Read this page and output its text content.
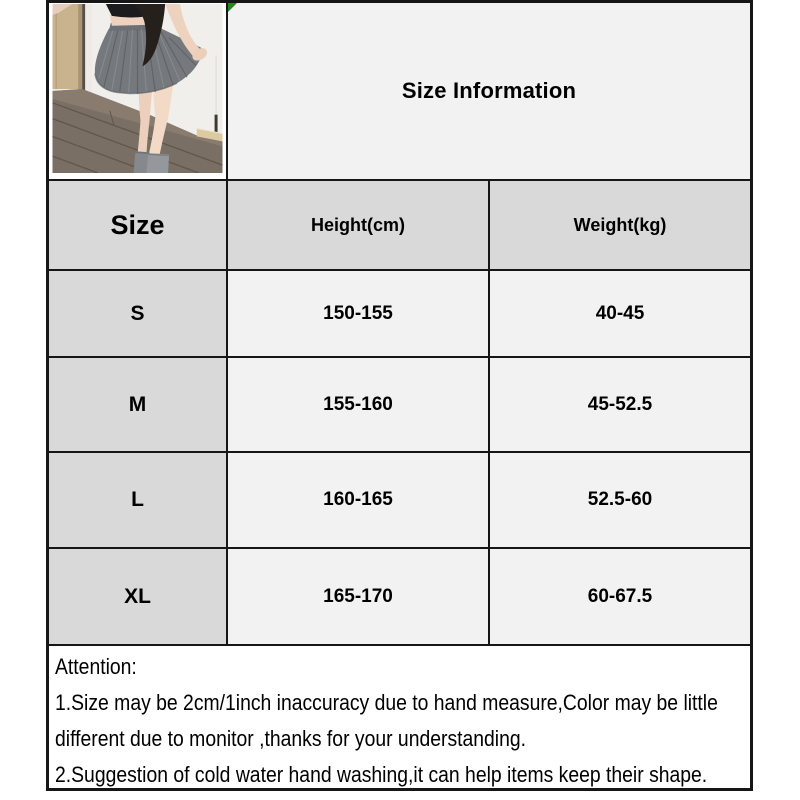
Size Information
Size	Height(cm)	Weight(kg)
S	150-155	40-45
M	155-160	45-52.5
L	160-165	52.5-60
XL	165-170	60-67.5

Attention:

1.Size may be 2cm/1inch inaccuracy due to hand measure,Color may be little different due to monitor ,thanks for your understanding.

2.Suggestion of cold water hand washing,it can help items keep their shape.
